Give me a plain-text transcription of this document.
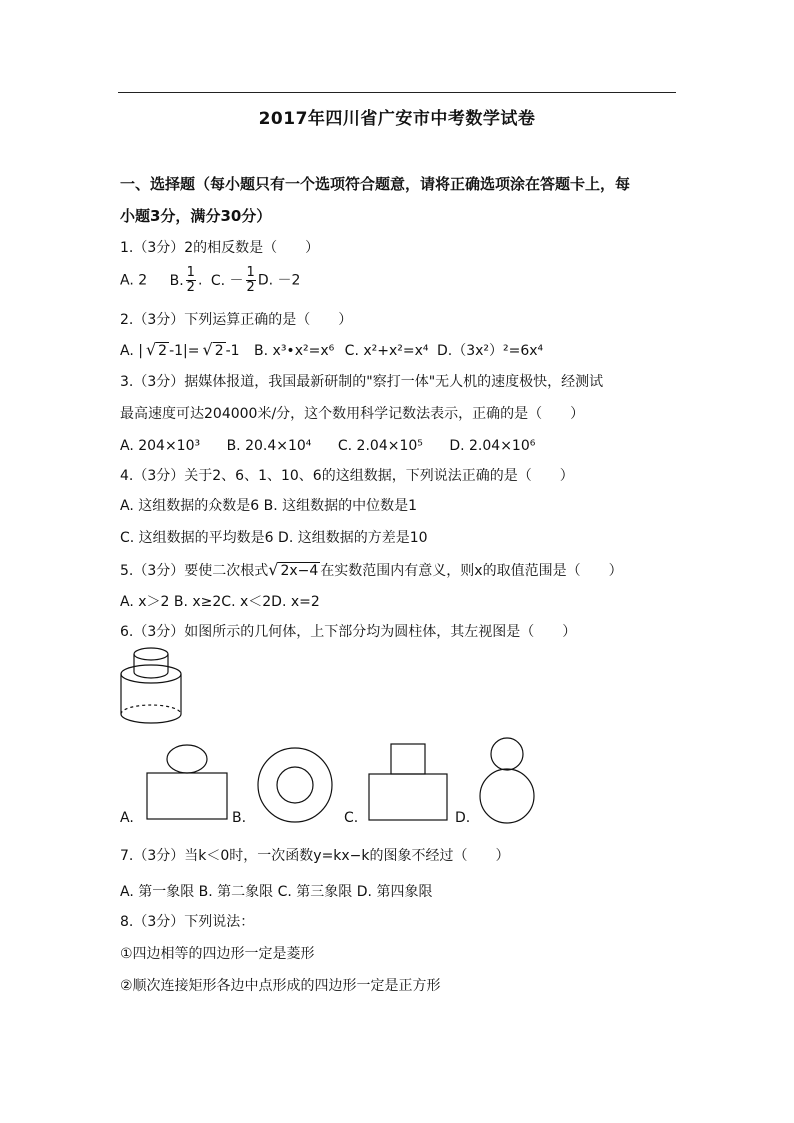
2017年四川省广安市中考数学试卷
一、选择题（每小题只有一个选项符合题意，请将正确选项涂在答题卡上，每
小题3分，满分30分）
1.（3分）2的相反数是（　　）
A. 2 B. $\frac{1}{2}$ . C. － $\frac{1}{2} D$. －2
2.（3分）下列运算正确的是（　　）
A. | √ 2 -1|= √ 2 -1 B. x³•x²=x⁶ C. x²+x²=x⁴ D.（3x²）²=6x⁴
3.（3分）据媒体报道，我国最新研制的"察打一体"无人机的速度极快，经测试
最高速度可达204000米/分，这个数用科学记数法表示，正确的是（　　）
A. 204×10³ B. 20.4×10⁴ C. 2.04×10⁵ D. 2.04×10⁶
4.（3分）关于2、6、1、10、6的这组数据，下列说法正确的是（　　）
A. 这组数据的众数是6 B. 这组数据的中位数是1
C. 这组数据的平均数是6 D. 这组数据的方差是10
5.（3分）要使二次根式√ 2x−4 在实数范围内有意义，则x的取值范围是（　　）
A. x＞2 B. x≥2C. x＜2D. x=2
6.（3分）如图所示的几何体，上下部分均为圆柱体，其左视图是（　　）
A.	B.	C.	D.
7.（3分）当k＜0时，一次函数y=kx−k的图象不经过（　　）
A. 第一象限 B. 第二象限 C. 第三象限 D. 第四象限
8.（3分）下列说法：
①四边相等的四边形一定是菱形
②顺次连接矩形各边中点形成的四边形一定是正方形
